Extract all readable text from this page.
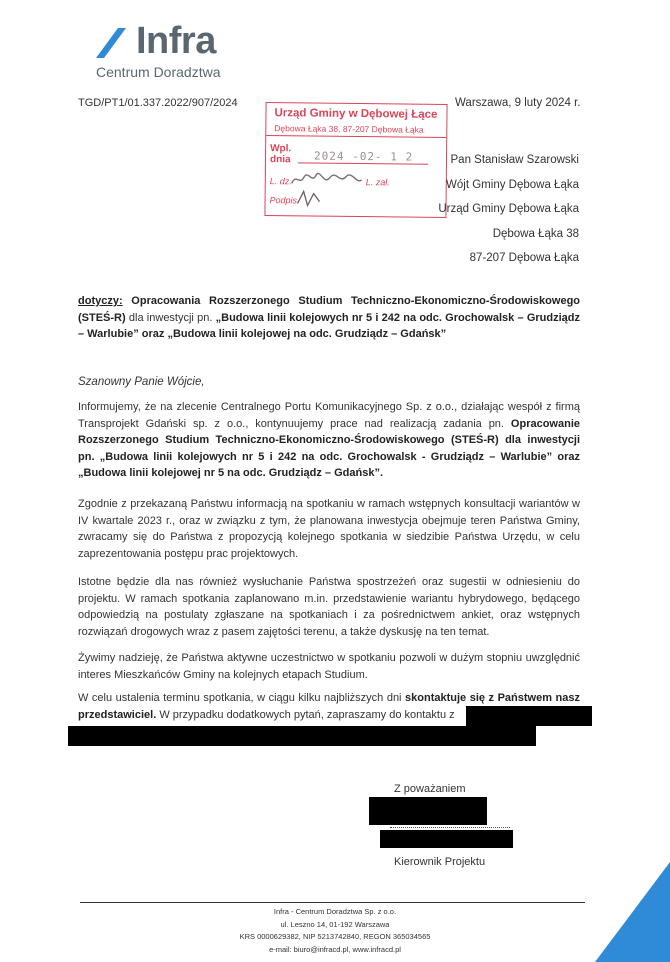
Infra
Centrum Doradztwa
TGD/PT1/01.337.2022/907/2024	Warszawa, 9 luty 2024 r.
Urząd Gminy w Dębowej Łące
Dębowa Łąka 38, 87-207 Dębowa Łąka
Wpl.
dnia 2024 -02- 1 2
L. dz.	L. zał.
Podpis
Pan Stanisław Szarowski
Wójt Gminy Dębowa Łąka
Urząd Gminy Dębowa Łąka
Dębowa Łąka 38
87-207 Dębowa Łąka
dotyczy: Opracowania Rozszerzonego Studium Techniczno-Ekonomiczno-Środowiskowego (STEŚ-R) dla inwestycji pn. „Budowa linii kolejowych nr 5 i 242 na odc. Grochowalsk – Grudziądz – Warlubie” oraz „Budowa linii kolejowej na odc. Grudziądz – Gdańsk”
Szanowny Panie Wójcie,
Informujemy, że na zlecenie Centralnego Portu Komunikacyjnego Sp. z o.o., działając wespół z firmą Transprojekt Gdański sp. z o.o., kontynuujemy prace nad realizacją zadania pn. Opracowanie Rozszerzonego Studium Techniczno-Ekonomiczno-Środowiskowego (STEŚ-R) dla inwestycji pn. „Budowa linii kolejowych nr 5 i 242 na odc. Grochowalsk - Grudziądz – Warlubie” oraz „Budowa linii kolejowej nr 5 na odc. Grudziądz – Gdańsk”.
Zgodnie z przekazaną Państwu informacją na spotkaniu w ramach wstępnych konsultacji wariantów w IV kwartale 2023 r., oraz w związku z tym, że planowana inwestycja obejmuje teren Państwa Gminy, zwracamy się do Państwa z propozycją kolejnego spotkania w siedzibie Państwa Urzędu, w celu zaprezentowania postępu prac projektowych.
Istotne będzie dla nas również wysłuchanie Państwa spostrzeżeń oraz sugestii w odniesieniu do projektu. W ramach spotkania zaplanowano m.in. przedstawienie wariantu hybrydowego, będącego odpowiedzią na postulaty zgłaszane na spotkaniach i za pośrednictwem ankiet, oraz wstępnych rozwiązań drogowych wraz z pasem zajętości terenu, a także dyskusję na ten temat.
Żywimy nadzieję, że Państwa aktywne uczestnictwo w spotkaniu pozwoli w dużym stopniu uwzględnić interes Mieszkańców Gminy na kolejnych etapach Studium.
W celu ustalenia terminu spotkania, w ciągu kilku najbliższych dni skontaktuje się z Państwem nasz przedstawiciel. W przypadku dodatkowych pytań, zapraszamy do kontaktu z
Z poważaniem
Kierownik Projektu
Infra - Centrum Doradztwa Sp. z o.o.
ul. Leszno 14, 01-192 Warszawa
KRS 0000629382, NIP 5213742840, REGON 365034565
e-mail: biuro@infracd.pl, www.infracd.pl
